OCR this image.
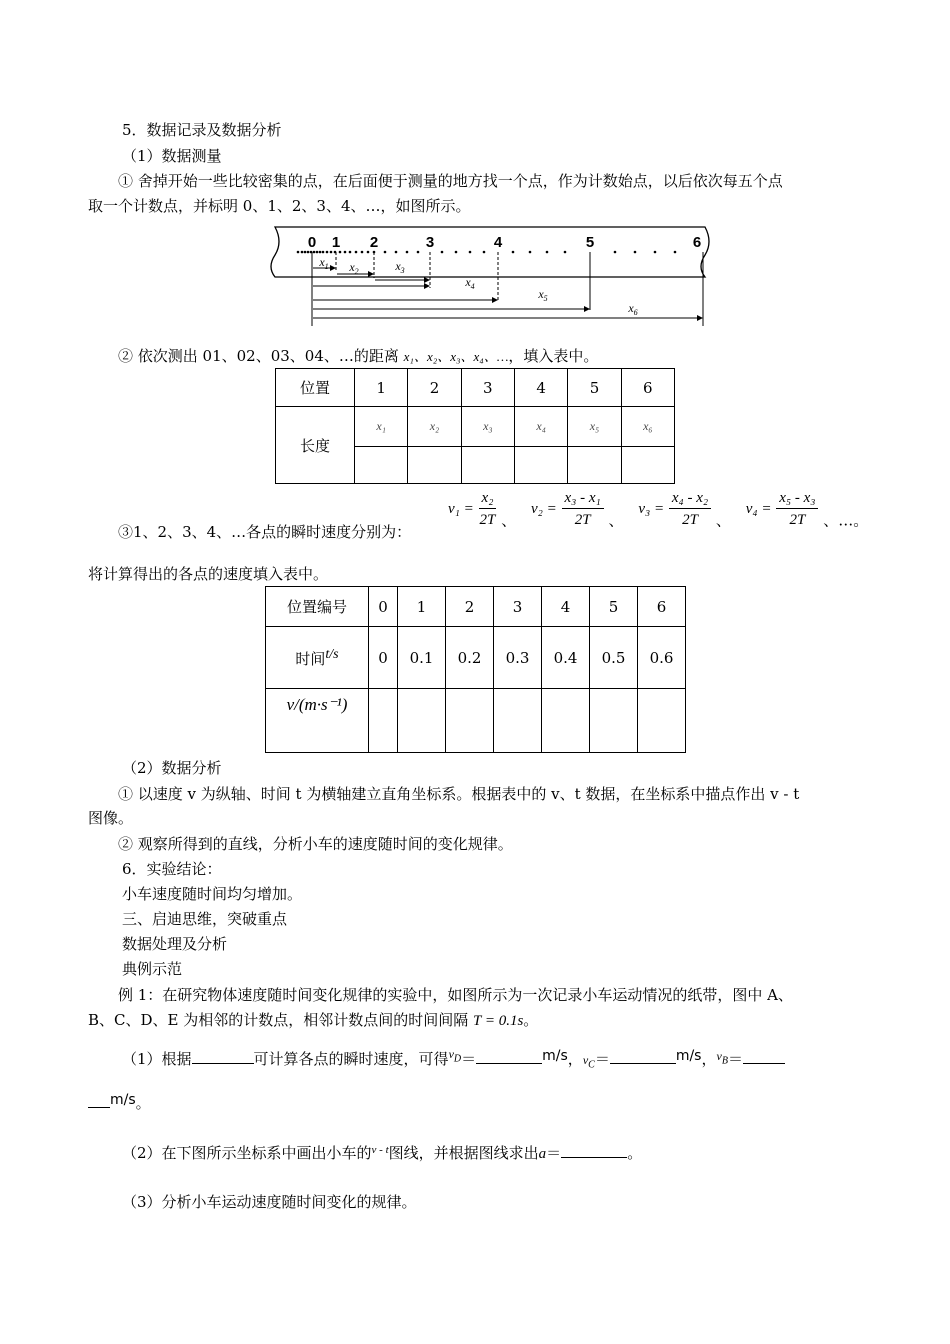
5．数据记录及数据分析
（1）数据测量
① 舍掉开始一些比较密集的点，在后面便于测量的地方找一个点，作为计数始点，以后依次每五个点
取一个计数点，并标明 0、1、2、3、4、…，如图所示。
0 1 2	3	4	5	6
$x_1$ $x_2$	$x_3$
$x_4$
$x_5$
$x_6$
② 依次测出 01、02、03、04、…的距离 x₁、x₂、x₃、x₄、…，填入表中。
位置	1	2	3	4	5	6
长度	x₁	x₂	x₃	x₄	x₅	x₆

③1、2、3、4、…各点的瞬时速度分别为：
$v_1 = \frac{\text{x₂}}{2T}$ 、 $v_2 = \frac{\text{x₃ - x₁}}{2T}$ 、 $v_3 = \frac{\text{x₄ - x₂}}{2T}$ 、 $v_4 = \frac{\text{x₅ - x₃}}{2T}$ 、…。
将计算得出的各点的速度填入表中。
位置编号	0	1	2	3	4	5	6
时间t/s	0	0.1	0.2	0.3	0.4	0.5	0.6
v/(m·s⁻¹)							
（2）数据分析
① 以速度 v 为纵轴、时间 t 为横轴建立直角坐标系。根据表中的 v、t 数据，在坐标系中描点作出 v - t
图像。
② 观察所得到的直线，分析小车的速度随时间的变化规律。
6．实验结论：
小车速度随时间均匀增加。
三、启迪思维，突破重点
数据处理及分析
典例示范
例 1：在研究物体速度随时间变化规律的实验中，如图所示为一次记录小车运动情况的纸带，图中 A、
B、C、D、E 为相邻的计数点，相邻计数点间的时间间隔 T = 0.1s。
（1）根据	可计算各点的瞬时速度，可得$^{v_D}$＝	m/s，$v_C=$	m/s，$^{v_B}$＝
m/s。
（2）在下图所示坐标系中画出小车的$^{v - t}$图线，并根据图线求出a＝	。
（3）分析小车运动速度随时间变化的规律。
